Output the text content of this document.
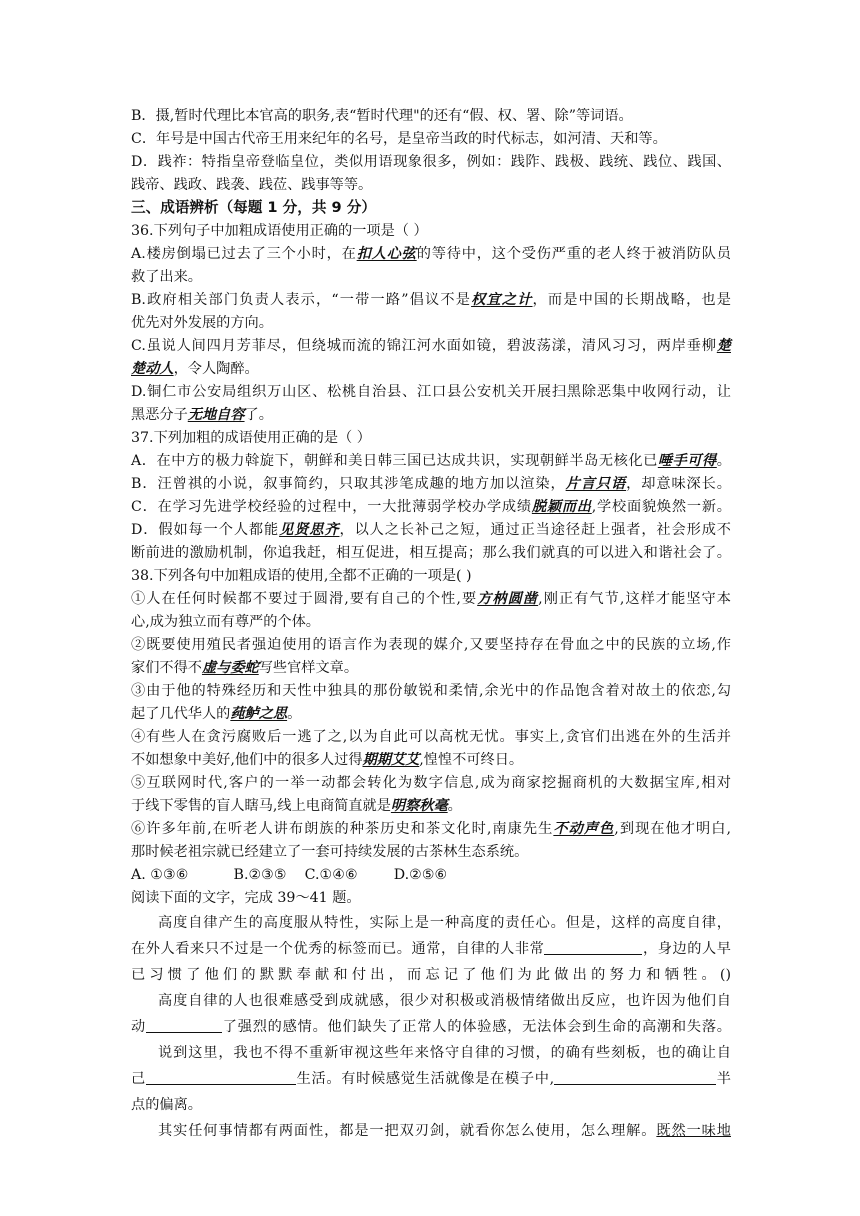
B．摄,暂时代理比本官高的职务,表“暂时代理"的还有“假、权、署、除”等词语。
C．年号是中国古代帝王用来纪年的名号，是皇帝当政的时代标志，如河清、天和等。
D．践祚：特指皇帝登临皇位，类似用语现象很多，例如：践阼、践极、践统、践位、践国、
践帝、践政、践袭、践莅、践事等等。
三、成语辨析（每题 1 分，共 9 分）
36.下列句子中加粗成语使用正确的一项是（ ）
A.楼房倒塌已过去了三个小时，在扣人心弦的等待中，这个受伤严重的老人终于被消防队员
救了出来。
B.政府相关部门负责人表示，“一带一路”倡议不是权宜之计，而是中国的长期战略，也是
优先对外发展的方向。
C.虽说人间四月芳菲尽，但绕城而流的锦江河水面如镜，碧波荡漾，清风习习，两岸垂柳楚
楚动人，令人陶醉。
D.铜仁市公安局组织万山区、松桃自治县、江口县公安机关开展扫黑除恶集中收网行动，让
黑恶分子无地自容了。
37.下列加粗的成语使用正确的是（ ）
A．在中方的极力斡旋下，朝鲜和美日韩三国已达成共识，实现朝鲜半岛无核化已唾手可得。
B．汪曾祺的小说，叙事简约，只取其涉笔成趣的地方加以渲染，片言只语，却意味深长。
C．在学习先进学校经验的过程中，一大批薄弱学校办学成绩脱颖而出,学校面貌焕然一新。
D．假如每一个人都能见贤思齐，以人之长补己之短，通过正当途径赶上强者，社会形成不
断前进的激励机制，你追我赶，相互促进，相互提高；那么我们就真的可以进入和谐社会了。
38.下列各句中加粗成语的使用,全都不正确的一项是( )
①人在任何时候都不要过于圆滑,要有自己的个性,要方枘圆凿,刚正有气节,这样才能坚守本
心,成为独立而有尊严的个体。
②既要使用殖民者强迫使用的语言作为表现的媒介,又要坚持存在骨血之中的民族的立场,作
家们不得不虚与委蛇写些官样文章。
③由于他的特殊经历和天性中独具的那份敏锐和柔情,余光中的作品饱含着对故土的依恋,勾
起了几代华人的莼鲈之思。
④有些人在贪污腐败后一逃了之,以为自此可以高枕无忧。事实上,贪官们出逃在外的生活并
不如想象中美好,他们中的很多人过得期期艾艾,惶惶不可终日。
⑤互联网时代,客户的一举一动都会转化为数字信息,成为商家挖掘商机的大数据宝库,相对
于线下零售的盲人瞎马,线上电商简直就是明察秋毫。
⑥许多年前,在听老人讲布朗族的种茶历史和茶文化时,南康先生不动声色,到现在他才明白,
那时候老祖宗就已经建立了一套可持续发展的古茶林生态系统。
A. ①③⑥          B.②③⑤    C.①④⑥        D.②⑤⑥
阅读下面的文字，完成 39～41 题。
高度自律产生的高度服从特性，实际上是一种高度的责任心。但是，这样的高度自律，
在外人看来只不过是一个优秀的标签而已。通常，自律的人非常	，身边的人早
已习惯了他们的默默奉献和付出，而忘记了他们为此做出的努力和牺牲。()
高度自律的人也很难感受到成就感，很少对积极或消极情绪做出反应，也许因为他们自
动	了强烈的感情。他们缺失了正常人的体验感，无法体会到生命的高潮和失落。
说到这里，我也不得不重新审视这些年来恪守自律的习惯，的确有些刻板，也的确让自
己	生活。有时候感觉生活就像是在模子中,	半
点的偏离。
其实任何事情都有两面性，都是一把双刃剑，就看你怎么使用，怎么理解。既然一味地
